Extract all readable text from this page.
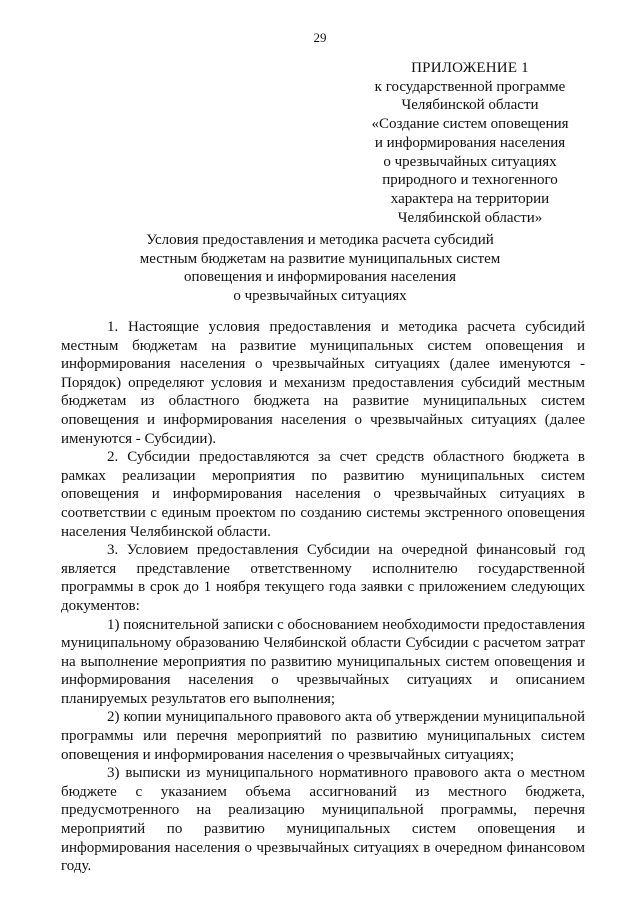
29
ПРИЛОЖЕНИЕ 1
к государственной программе
Челябинской области
«Создание систем оповещения
и информирования населения
о чрезвычайных ситуациях
природного и техногенного
характера на территории
Челябинской области»
Условия предоставления и методика расчета субсидий
местным бюджетам на развитие муниципальных систем
оповещения и информирования населения
о чрезвычайных ситуациях

1. Настоящие условия предоставления и методика расчета субсидий местным бюджетам на развитие муниципальных систем оповещения и информирования населения о чрезвычайных ситуациях (далее именуются - Порядок) определяют условия и механизм предоставления субсидий местным бюджетам из областного бюджета на развитие муниципальных систем оповещения и информирования населения о чрезвычайных ситуациях (далее именуются - Субсидии).

2. Субсидии предоставляются за счет средств областного бюджета в рамках реализации мероприятия по развитию муниципальных систем оповещения и информирования населения о чрезвычайных ситуациях в соответствии с единым проектом по созданию системы экстренного оповещения населения Челябинской области.

3. Условием предоставления Субсидии на очередной финансовый год является представление ответственному исполнителю государственной программы в срок до 1 ноября текущего года заявки с приложением следующих документов:

1) пояснительной записки с обоснованием необходимости предоставления муниципальному образованию Челябинской области Субсидии с расчетом затрат на выполнение мероприятия по развитию муниципальных систем оповещения и информирования населения о чрезвычайных ситуациях и описанием планируемых результатов его выполнения;

2) копии муниципального правового акта об утверждении муниципальной программы или перечня мероприятий по развитию муниципальных систем оповещения и информирования населения о чрезвычайных ситуациях;

3) выписки из муниципального нормативного правового акта о местном бюджете с указанием объема ассигнований из местного бюджета, предусмотренного на реализацию муниципальной программы, перечня мероприятий по развитию муниципальных систем оповещения и информирования населения о чрезвычайных ситуациях в очередном финансовом году.
